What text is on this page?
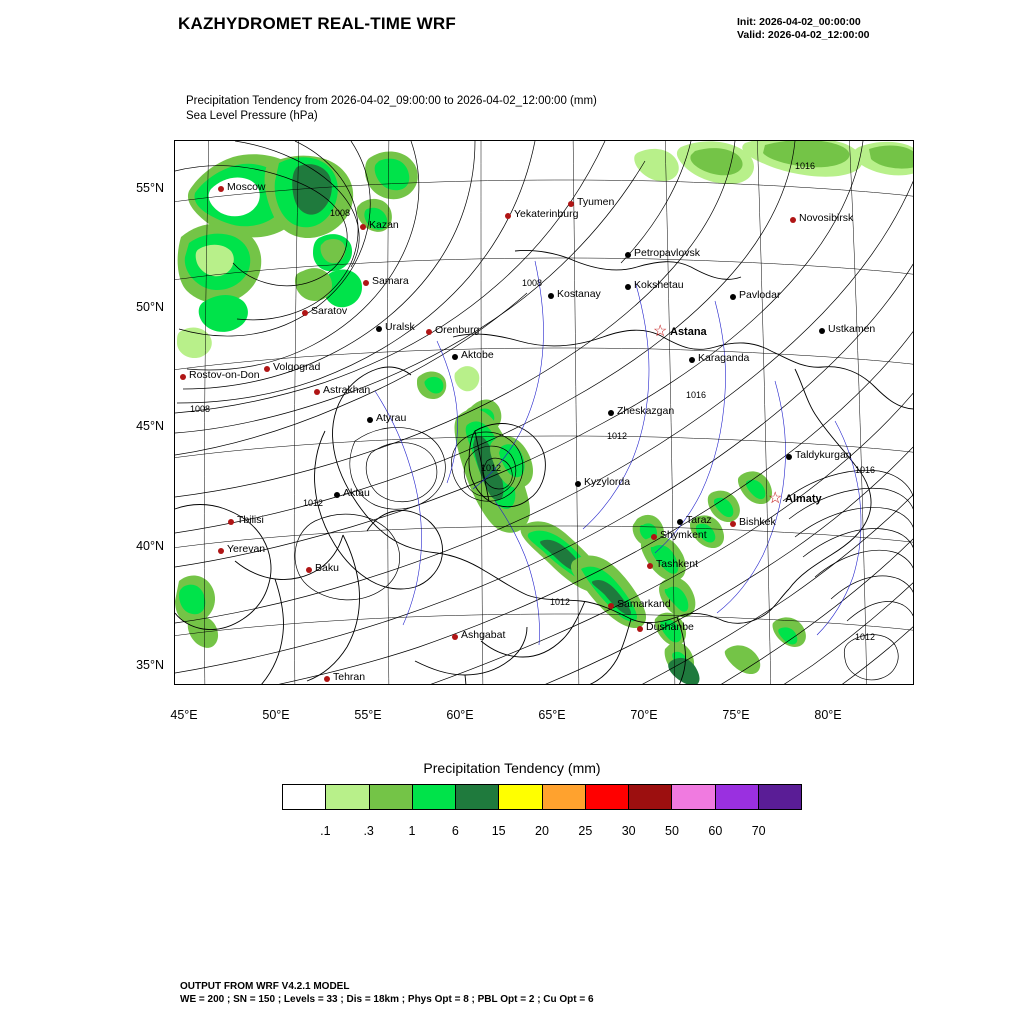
KAZHYDROMET REAL-TIME WRF	Init: 2026-04-02_00:00:00
Valid: 2026-04-02_12:00:00
Precipitation Tendency from 2026-04-02_09:00:00 to 2026-04-02_12:00:00 (mm)
Sea Level Pressure (hPa)
55°N
50°N
45°N
40°N
35°N
45°E	50°E	55°E	60°E	65°E	70°E	75°E	80°E
1016
1008
1008
1008
1016
1012
1012	1016
1012
1012
1012
Moscow
Kazan
Tyumen
Yekaterinburg	Novosibirsk
Samara
Petropavlovsk
Kostanay
Kokshetau
Pavlodar
Saratov
Uralsk Orenburg	Ustkamen
Karaganda
Aktobe
Volgograd
Rostov-on-Don
Astrakhan
Zheskazgan
Atyrau
Taldykurgan
Kyzylorda
Aktau
Taraz	Bishkek
Shymkent
Tbilisi
Yerevan
Tashkent
Baku
Samarkand
Dushanbe
Ashgabat
Tehran
☆ Astana
☆ Almaty
Precipitation Tendency (mm)
.1	.3	1	6	15 20 25 30 50 60 70
OUTPUT FROM WRF V4.2.1 MODEL
WE = 200 ; SN = 150 ; Levels = 33 ; Dis = 18km ; Phys Opt = 8 ; PBL Opt = 2 ; Cu Opt = 6
